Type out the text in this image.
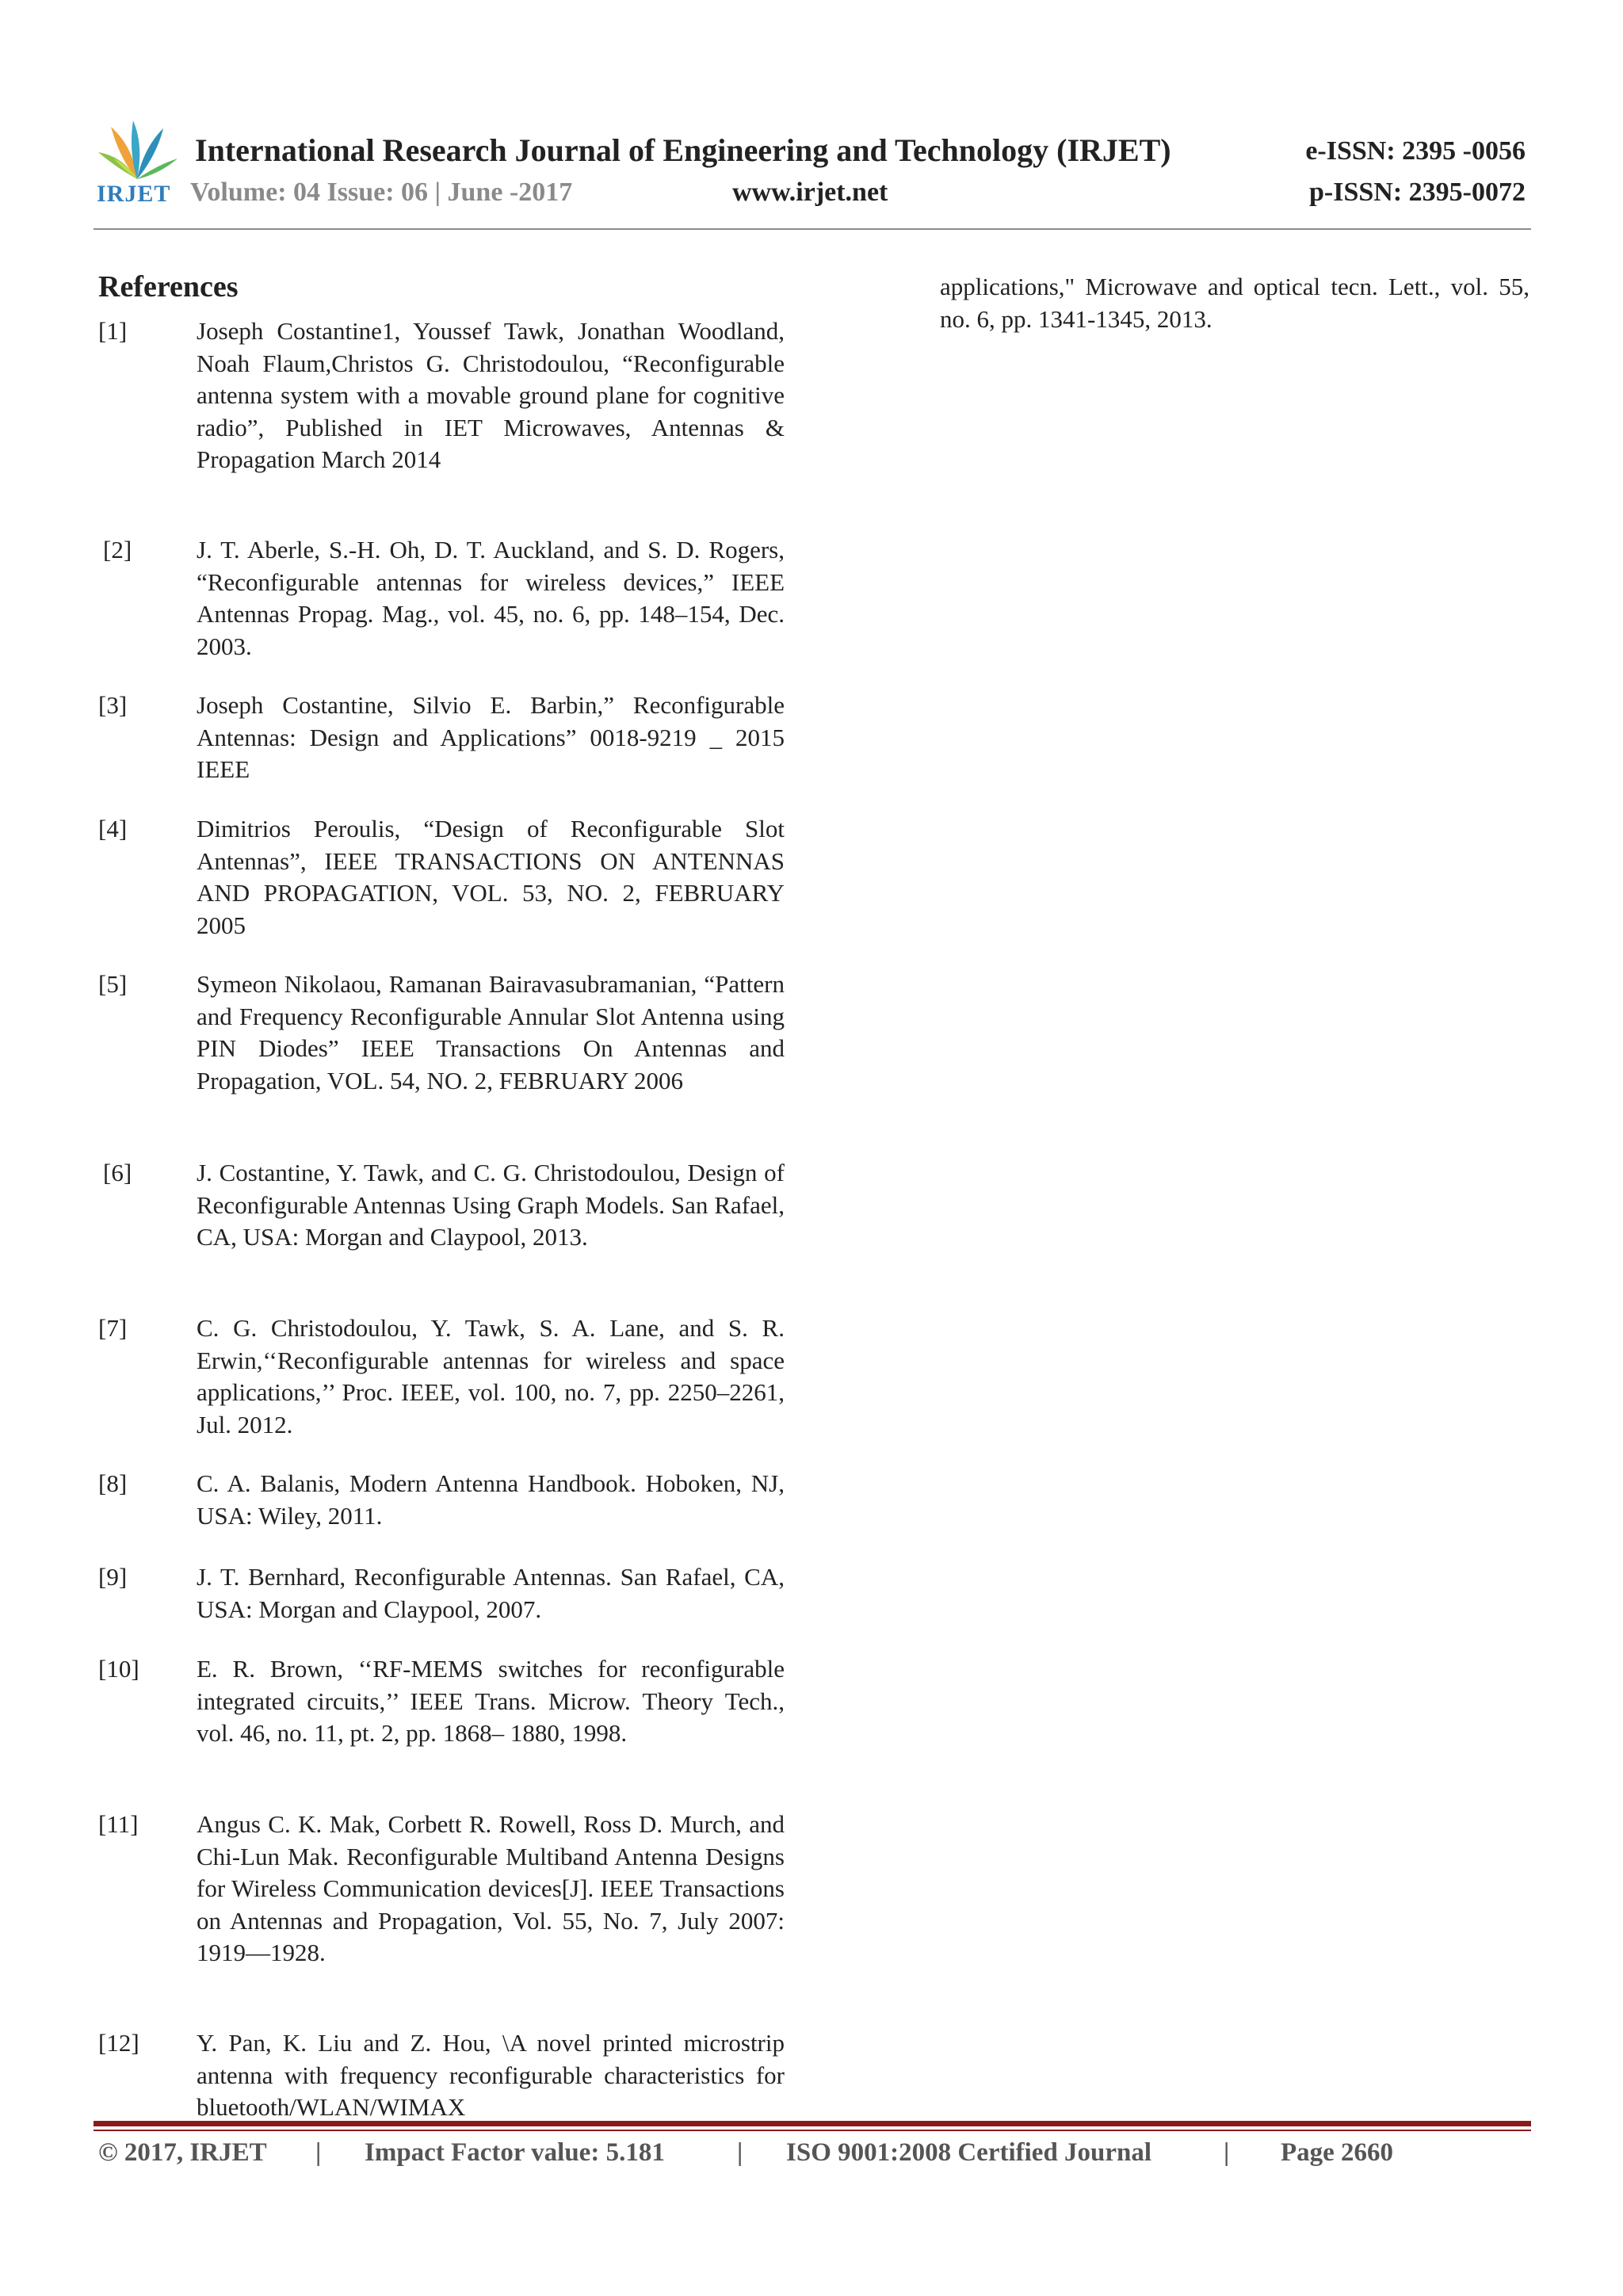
IRJET
International Research Journal of Engineering and Technology (IRJET)	e-ISSN: 2395 -0056
Volume: 04 Issue: 06 | June -2017	www.irjet.net	p-ISSN: 2395-0072
References
[1]	Joseph Costantine1, Youssef Tawk, Jonathan Woodland, Noah Flaum,Christos G. Christodoulou, “Reconfigurable antenna system with a movable ground plane for cognitive radio”, Published in IET Microwaves, Antennas & Propagation March 2014
[2]	J. T. Aberle, S.-H. Oh, D. T. Auckland, and S. D. Rogers, “Reconfigurable antennas for wireless devices,” IEEE Antennas Propag. Mag., vol. 45, no. 6, pp. 148–154, Dec. 2003.
[3]	Joseph Costantine, Silvio E. Barbin,” Reconfigurable Antennas: Design and Applications” 0018-9219 _ 2015 IEEE
[4]	Dimitrios Peroulis, “Design of Reconfigurable Slot Antennas”, IEEE TRANSACTIONS ON ANTENNAS AND PROPAGATION, VOL. 53, NO. 2, FEBRUARY 2005
[5]	Symeon Nikolaou, Ramanan Bairavasubramanian, “Pattern and Frequency Reconfigurable Annular Slot Antenna using PIN Diodes” IEEE Transactions On Antennas and Propagation, VOL. 54, NO. 2, FEBRUARY 2006
[6]	J. Costantine, Y. Tawk, and C. G. Christodoulou, Design of Reconfigurable Antennas Using Graph Models. San Rafael, CA, USA: Morgan and Claypool, 2013.
[7]	C. G. Christodoulou, Y. Tawk, S. A. Lane, and S. R. Erwin,‘‘Reconfigurable antennas for wireless and space applications,’’ Proc. IEEE, vol. 100, no. 7, pp. 2250–2261, Jul. 2012.
[8]	C. A. Balanis, Modern Antenna Handbook. Hoboken, NJ, USA: Wiley, 2011.
[9]	J. T. Bernhard, Reconfigurable Antennas. San Rafael, CA, USA: Morgan and Claypool, 2007.
[10]	E. R. Brown, ‘‘RF-MEMS switches for reconfigurable integrated circuits,’’ IEEE Trans. Microw. Theory Tech., vol. 46, no. 11, pt. 2, pp. 1868– 1880, 1998.
[11]	Angus C. K. Mak, Corbett R. Rowell, Ross D. Murch, and Chi-Lun Mak. Reconfigurable Multiband Antenna Designs for Wireless Communication devices[J]. IEEE Transactions on Antennas and Propagation, Vol. 55, No. 7, July 2007: 1919—1928.
[12]	Y. Pan, K. Liu and Z. Hou, \A novel printed microstrip antenna with frequency reconfigurable characteristics for bluetooth/WLAN/WIMAX
applications," Microwave and optical tecn. Lett., vol. 55, no. 6, pp. 1341-1345, 2013.
© 2017, IRJET | Impact Factor value: 5.181	| ISO 9001:2008 Certified Journal	| Page 2660
